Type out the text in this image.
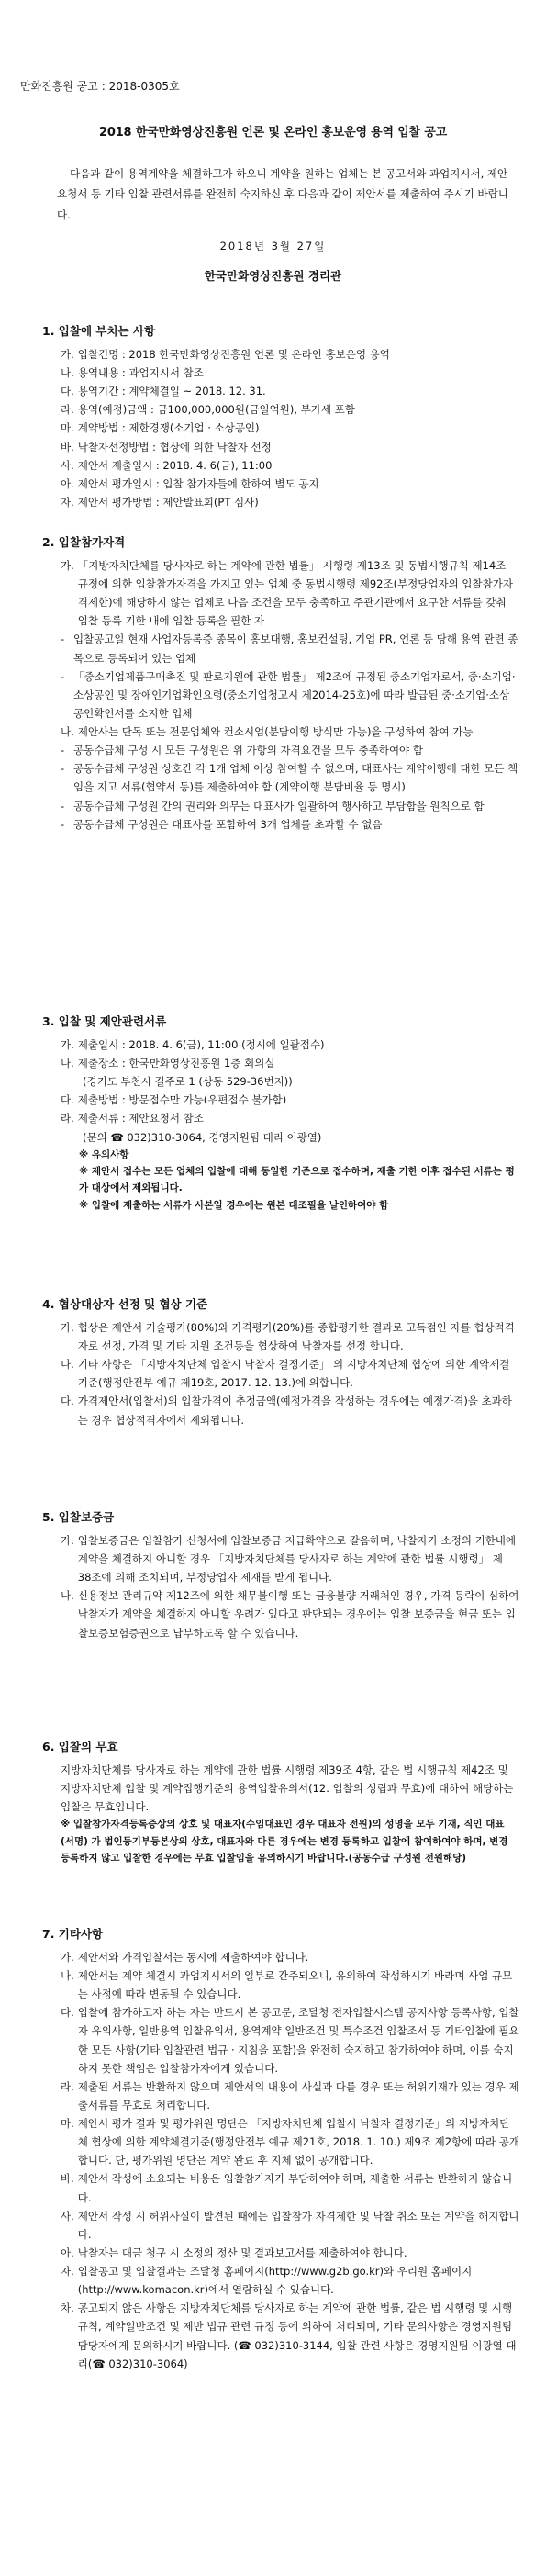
만화진흥원 공고 : 2018-0305호
2018 한국만화영상진흥원 언론 및 온라인 홍보운영 용역 입찰 공고
다음과 같이 용역계약을 체결하고자 하오니 계약을 원하는 업체는 본 공고서와 과업지시서, 제안요청서 등 기타 입찰 관련서류를 완전히 숙지하신 후 다음과 같이 제안서를 제출하여 주시기 바랍니다.
2018년 3월 27일
한국만화영상진흥원 경리관
1. 입찰에 부치는 사항
가. 입찰건명 : 2018 한국만화영상진흥원 언론 및 온라인 홍보운영 용역
나. 용역내용 : 과업지시서 참조
다. 용역기간 : 계약체결일 ~ 2018. 12. 31.
라. 용역(예정)금액 : 금100,000,000원(금일억원), 부가세 포함
마. 계약방법 : 제한경쟁(소기업 · 소상공인)
바. 낙찰자선정방법 : 협상에 의한 낙찰자 선정
사. 제안서 제출일시 : 2018. 4. 6(금), 11:00
아. 제안서 평가일시 : 입찰 참가자들에 한하여 별도 공지
자. 제안서 평가방법 : 제안발표회(PT 심사)
2. 입찰참가자격
가. 「지방자치단체를 당사자로 하는 계약에 관한 법률」 시행령 제13조 및 동법시행규칙 제14조 규정에 의한 입찰참가자격을 가지고 있는 업체 중 동법시행령 제92조(부정당업자의 입찰참가자격제한)에 해당하지 않는 업체로 다음 조건을 모두 충족하고 주관기관에서 요구한 서류를 갖춰 입찰 등록 기한 내에 입찰 등록을 필한 자
- 입찰공고일 현재 사업자등록증 종목이 홍보대행, 홍보컨설팅, 기업 PR, 언론 등 당해 용역 관련 종목으로 등록되어 있는 업체
- 「중소기업제품구매촉진 및 판로지원에 관한 법률」 제2조에 규정된 중소기업자로서, 중·소기업·소상공인 및 장애인기업확인요령(중소기업청고시 제2014-25호)에 따라 발급된 중·소기업·소상공인확인서를 소지한 업체
나. 제안사는 단독 또는 전문업체와 컨소시엄(분담이행 방식만 가능)을 구성하여 참여 가능
- 공동수급체 구성 시 모든 구성원은 위 가항의 자격요건을 모두 충족하여야 함
- 공동수급체 구성원 상호간 각 1개 업체 이상 참여할 수 없으며, 대표사는 계약이행에 대한 모든 책임을 지고 서류(협약서 등)를 제출하여야 함 (계약이행 분담비율 등 명시)
- 공동수급체 구성원 간의 권리와 의무는 대표사가 일괄하여 행사하고 부담함을 원칙으로 함
- 공동수급체 구성원은 대표사를 포함하여 3개 업체를 초과할 수 없음
3. 입찰 및 제안관련서류
가. 제출일시 : 2018. 4. 6(금), 11:00 (정시에 일괄접수)
나. 제출장소 : 한국만화영상진흥원 1층 회의실
(경기도 부천시 길주로 1 (상동 529-36번지))
다. 제출방법 : 방문접수만 가능(우편접수 불가함)
라. 제출서류 : 제안요청서 참조
(문의 ☎ 032)310-3064, 경영지원팀 대리 이광열)
※ 유의사항
※ 제안서 접수는 모든 업체의 입찰에 대해 동일한 기준으로 접수하며, 제출 기한 이후 접수된 서류는 평가 대상에서 제외됩니다.
※ 입찰에 제출하는 서류가 사본일 경우에는 원본 대조필을 날인하여야 함
4. 협상대상자 선정 및 협상 기준
가. 협상은 제안서 기술평가(80%)와 가격평가(20%)를 종합평가한 결과로 고득점인 자를 협상적격자로 선정, 가격 및 기타 지원 조건등을 협상하여 낙찰자를 선정 합니다.
나. 기타 사항은 「지방자치단체 입찰시 낙찰자 결정기준」 의 지방자치단체 협상에 의한 계약제결기준(행정안전부 예규 제19호, 2017. 12. 13.)에 의합니다.
다. 가격제안서(입찰서)의 입찰가격이 추정금액(예정가격을 작성하는 경우에는 예정가격)을 초과하는 경우 협상적격자에서 제외됩니다.
5. 입찰보증금
가. 입찰보증금은 입찰참가 신청서에 입찰보증금 지급확약으로 갈음하며, 낙찰자가 소정의 기한내에 계약을 체결하지 아니할 경우 「지방자치단체를 당사자로 하는 계약에 관한 법률 시행령」 제 38조에 의해 조치되며, 부정당업자 제재를 받게 됩니다.
나. 신용정보 관리규약 제12조에 의한 채무불이행 또는 금융불량 거래처인 경우, 가격 등락이 심하여 낙찰자가 계약을 체결하지 아니할 우려가 있다고 판단되는 경우에는 입찰 보증금을 현금 또는 입찰보증보험증권으로 납부하도록 할 수 있습니다.
6. 입찰의 무효

지방자치단체를 당사자로 하는 계약에 관한 법률 시행령 제39조 4항, 같은 법 시행규칙 제42조 및 지방자치단체 입찰 및 계약집행기준의 용역입찰유의서(12. 입찰의 성립과 무효)에 대하여 해당하는 입찰은 무효입니다.

※ 입찰참가자격등록증상의 상호 및 대표자(수임대표인 경우 대표자 전원)의 성명을 모두 기재, 직인 대표 (서명) 가 법인등기부등본상의 상호, 대표자와 다른 경우에는 변경 등록하고 입찰에 참여하여야 하며, 변경 등록하지 않고 입찰한 경우에는 무효 입찰임을 유의하시기 바랍니다.(공동수급 구성원 전원해당)
7. 기타사항
가. 제안서와 가격입찰서는 동시에 제출하여야 합니다.
나. 제안서는 계약 체결시 과업지시서의 일부로 간주되오니, 유의하여 작성하시기 바라며 사업 규모는 사정에 따라 변동될 수 있습니다.
다. 입찰에 참가하고자 하는 자는 반드시 본 공고문, 조달청 전자입찰시스템 공지사항 등록사항, 입찰자 유의사항, 일반용역 입찰유의서, 용역계약 일반조건 및 특수조건 입찰조서 등 기타입찰에 필요한 모든 사항(기타 입찰관련 법규 · 지침을 포함)을 완전히 숙지하고 참가하여야 하며, 이를 숙지하지 못한 책임은 입찰참가자에게 있습니다.
라. 제출된 서류는 반환하지 않으며 제안서의 내용이 사실과 다를 경우 또는 허위기재가 있는 경우 제출서류를 무효로 처리합니다.
마. 제안서 평가 결과 및 평가위원 명단은 「지방자치단체 입찰시 낙찰자 결정기준」의 지방자치단체 협상에 의한 계약체결기준(행정안전부 예규 제21호, 2018. 1. 10.) 제9조 제2항에 따라 공개합니다. 단, 평가위원 명단은 계약 완료 후 지체 없이 공개합니다.
바. 제안서 작성에 소요되는 비용은 입찰참가자가 부담하여야 하며, 제출한 서류는 반환하지 않습니다.
사. 제안서 작성 시 허위사실이 발견된 때에는 입찰참가 자격제한 및 낙찰 취소 또는 계약을 해지합니다.
아. 낙찰자는 대금 청구 시 소정의 정산 및 결과보고서를 제출하여야 합니다.
자. 입찰공고 및 입찰결과는 조달청 홈페이지(http://www.g2b.go.kr)와 우리원 홈페이지(http://www.komacon.kr)에서 열람하실 수 있습니다.
차. 공고되지 않은 사항은 지방자치단체를 당사자로 하는 계약에 관한 법률, 같은 법 시행령 및 시행규칙, 계약일반조건 및 제반 법규 관련 규정 등에 의하여 처리되며, 기타 문의사항은 경영지원팀 담당자에게 문의하시기 바랍니다. (☎ 032)310-3144, 입찰 관련 사항은 경영지원팀 이광열 대리(☎ 032)310-3064)
